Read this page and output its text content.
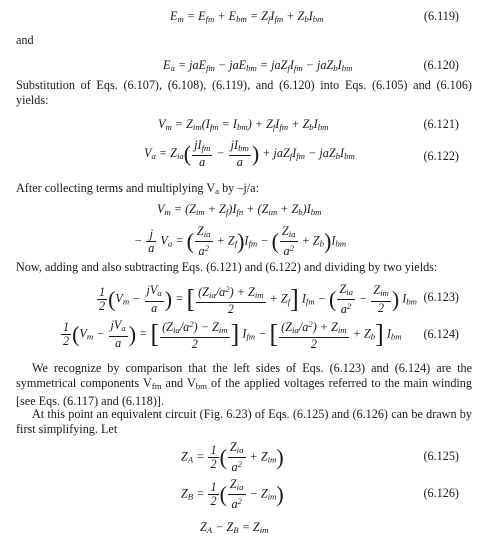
$E_m = E_{fm} + E_{bm} = Z_fI_{fm} + Z_bI_{bm}$	(6.119)
and
$E_a = jaE_{fm} - jaE_{bm} = jaZ_fI_{fm} - jaZ_bI_{bm}$	(6.120)
Substitution of Eqs. (6.107), (6.108), (6.119), and (6.120) into Eqs. (6.105) and (6.106) yields:
$V_m = Z_{im}(I_{fm} = I_{bm}) + Z_fI_{fm} + Z_bI_{bm}$	(6.121)
$V_a = Z_{ia}( \frac{jI_{fm}}{a} - \frac{jI_{bm}}{a}$ ) + $jaZ_fI_{fm} - jaZ_bI_{bm}$	(6.122)
After collecting terms and multiplying $V_a$ by –j/a:
$V_m = (Z_{im} + Z_f)I_{fn} + (Z_{im} + Z_b)I_{bm}$
− $\frac{j}{a} V_a$ = ( $\frac{Z_{ia}}{a^2} + Z_f)I_{fm}$ − ( $\frac{Z_{ia}}{a^2} + Z_b)I_{bm}$
Now, adding and also subtracting Eqs. (6.121) and (6.122) and dividing by two yields:
$\frac{1}{2} (V_m - \frac{jV_a}{a}$ ) = [ $\frac{(Z_{ia}/a^2) + Z_{im}}{2} + Z_f$] $I_{fm}$ − ( $\frac{Z_{ia}}{a^2} - \frac{Z_{im}}{2}$ ) $I_{bm}$ (6.123)
$\frac{1}{2} (V_m - \frac{jV_a}{a}$ ) = [ $\frac{(Z_{ia}/a^2) - Z_{im}}{2}$ ] $I_{fm}$ − [ $\frac{(Z_{ia}/a^2) + Z_{im}}{2} + Z_b$] $I_{bm}$ (6.124)
We recognize by comparison that the left sides of Eqs. (6.123) and (6.124) are the symmetrical components $V_{fm}$ and $V_{bm}$ of the applied voltages referred to the main winding [see Eqs. (6.117) and (6.118)].
At this point an equivalent circuit (Fig. 6.23) of Eqs. (6.125) and (6.126) can be drawn by first simplifying. Let
$Z_A = \frac{1}{2}$ ( $\frac{Z_{ia}}{a^2} + Z_{im}$)	(6.125)
$Z_B = \frac{1}{2}$ ( $\frac{Z_{ia}}{a^2} - Z_{im}$)	(6.126)
$Z_A - Z_B = Z_{im}$
